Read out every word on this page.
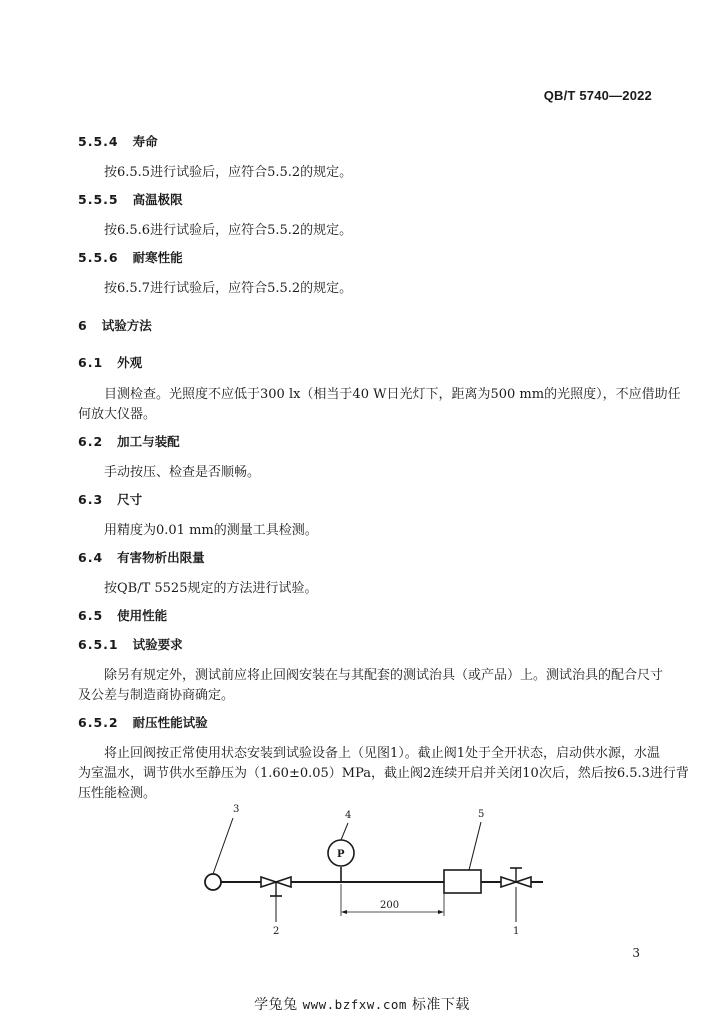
QB/T 5740—2022
5.5.4 寿命
按6.5.5进行试验后，应符合5.5.2的规定。
5.5.5 高温极限
按6.5.6进行试验后，应符合5.5.2的规定。
5.5.6 耐寒性能
按6.5.7进行试验后，应符合5.5.2的规定。
6 试验方法
6.1 外观
目测检查。光照度不应低于300 lx（相当于40 W日光灯下，距离为500 mm的光照度），不应借助任
何放大仪器。
6.2 加工与装配
手动按压、检查是否顺畅。
6.3 尺寸
用精度为0.01 mm的测量工具检测。
6.4 有害物析出限量
按QB/T 5525规定的方法进行试验。
6.5 使用性能
6.5.1 试验要求
除另有规定外，测试前应将止回阀安装在与其配套的测试治具（或产品）上。测试治具的配合尺寸
及公差与制造商协商确定。
6.5.2 耐压性能试验
将止回阀按正常使用状态安装到试验设备上（见图1）。截止阀1处于全开状态，启动供水源，水温
为室温水，调节供水至静压为（1.60±0.05）MPa，截止阀2连续开启并关闭10次后，然后按6.5.3进行背
压性能检测。
3
2
P
4
200
5
1
3
学兔兔 www.bzfxw.com 标准下载
